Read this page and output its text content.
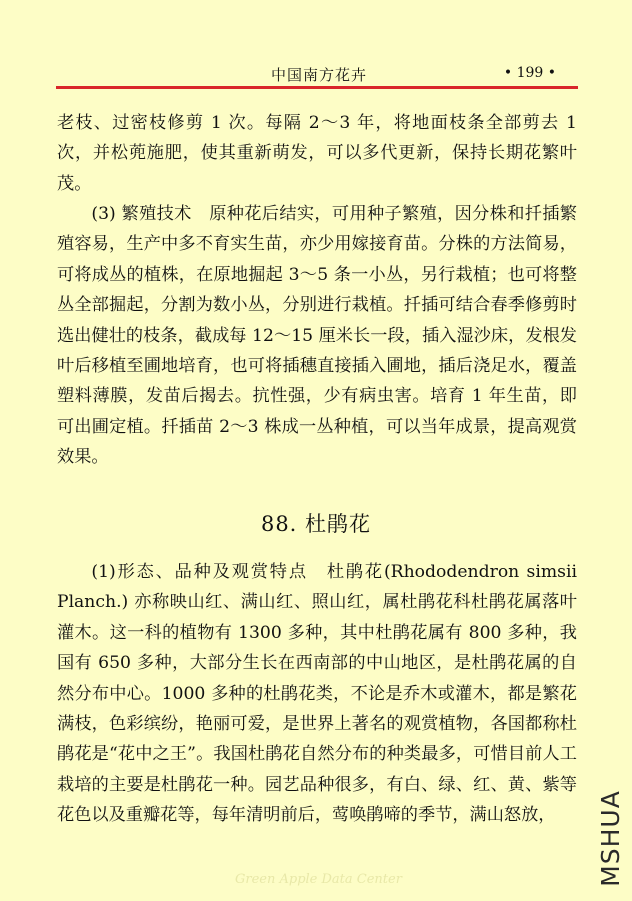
中国南方花卉	• 199 •

老枝、过密枝修剪 1 次。每隔 2～3 年，将地面枝条全部剪去 1 次，并松蔸施肥，使其重新萌发，可以多代更新，保持长期花繁叶茂。

(3) 繁殖技术　原种花后结实，可用种子繁殖，因分株和扦插繁殖容易，生产中多不育实生苗，亦少用嫁接育苗。分株的方法简易，可将成丛的植株，在原地掘起 3～5 条一小丛，另行栽植；也可将整丛全部掘起，分割为数小丛，分别进行栽植。扦插可结合春季修剪时选出健壮的枝条，截成每 12～15 厘米长一段，插入湿沙床，发根发叶后移植至圃地培育，也可将插穗直接插入圃地，插后浇足水，覆盖塑料薄膜，发苗后揭去。抗性强，少有病虫害。培育 1 年生苗，即可出圃定植。扦插苗 2～3 株成一丛种植，可以当年成景，提高观赏效果。

88. 杜鹃花

(1)形态、品种及观赏特点　杜鹃花(Rhododendron simsii Planch.) 亦称映山红、满山红、照山红，属杜鹃花科杜鹃花属落叶灌木。这一科的植物有 1300 多种，其中杜鹃花属有 800 多种，我国有 650 多种，大部分生长在西南部的中山地区，是杜鹃花属的自然分布中心。1000 多种的杜鹃花类，不论是乔木或灌木，都是繁花满枝，色彩缤纷，艳丽可爱，是世界上著名的观赏植物，各国都称杜鹃花是“花中之王”。我国杜鹃花自然分布的种类最多，可惜目前人工栽培的主要是杜鹃花一种。园艺品种很多，有白、绿、红、黄、紫等花色以及重瓣花等，每年清明前后，莺唤鹃啼的季节，满山怒放，

Green Apple Data Center	MSHUA
